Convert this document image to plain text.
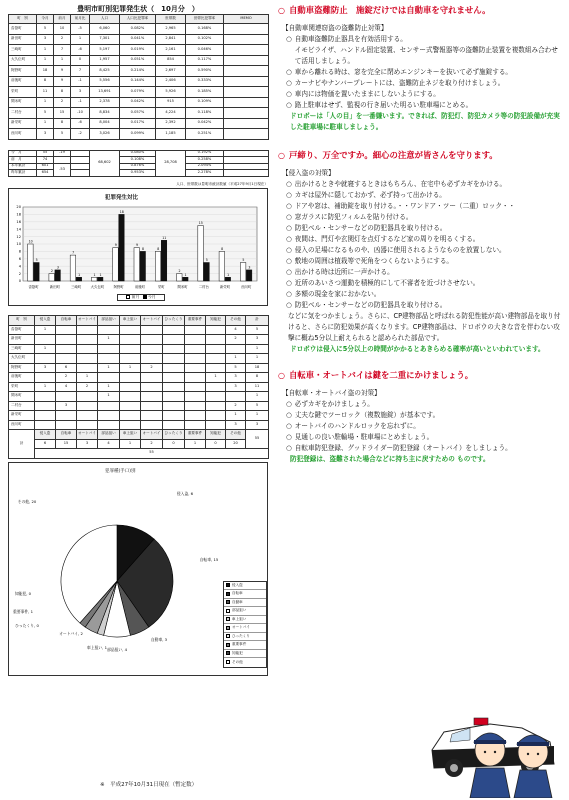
豊明市町別犯罪発生状（　10月分　）
町　別	今月	前月	前月比	人口	人口比犯罪率	世帯数	世帯比犯罪率	MEMO
沓掛町	5	10	-5	6,060	0.082%	2,965	0.168%	
新田町	3	2	1	7,301	0.041%	2,841	0.102%	
三崎町	1	7	-6	5,197	0.019%	2,161	0.046%	
大久伝町	1	1	0	1,957	0.051%	854	0.117%	
阿野町	18	9	7	8,425	0.214%	2,697	0.590%	
前後町	8	9	-1	5,556	0.144%	2,406	0.333%	
栄町	11	8	3	13,691	0.079%	5,926	0.185%	
間米町	1	2	-1	2,378	0.042%	915	0.109%	
二村台	5	15	-10	8,834	0.057%	4,224	0.118%	
新栄町	1	8	-6	8,004	0.017%	2,392	0.042%	
西川町	3	5	-2	3,026	0.099%	1,185	0.251%	
今　月	55	-19		68,602	0.080%	28,708	0.192%	
前　月	74				0.108%		0.258%	
本年累計	601	-53			0.876%		2.094%	
昨年累計	654				0.953%		2.278%	
人口、世帯数は豊明市統計数値（平成27年9月1日現在）
犯罪発生対比
0
2
4
6
8
10
12
14
16
18
20
10
5
沓掛町
2
3
新田町
7
1
三崎町
1 1
大久伝町
9
18
阿野町
9
8
前後町
8
11
栄町
2
1
間米町
15
5
二村台
8
1
新栄町
5
3
西川町
前月	今月
町　別	侵入盗	自転車	オートバイ	部品狙い	車上狙い	オートバイ	ひったくり	重要事件	知能犯	その他	計
沓掛町	1									4	5
新田町				1						2	3
三崎町	1										1
大久伝町										1	1
阿野町	3	6		1	1	2				5	18
前後町		2	1						1	3	8
栄町	1	4	2	1						3	11
間米町				1							1
二村台		3								2	5
新栄町										1	1
西川町										3	3
計	侵入盗	自転車	オートバイ	部品狙い	車上狙い	オートバイ	ひったくり	重要事件	知能犯	その他	55
	6	15	3	4	1	2	0	1	0	20	
	55										
犯罪種(手口)別
侵入盗, 6
自転車, 15
自動車, 3
部品狙い, 4
車上狙い, 1
オートバイ, 2
ひったくり, 0
重要事件, 1
知能犯, 0
その他, 20
侵入盗
自転車
自動車
部品狙い
車上狙い
オートバイ
ひったくり
重要事件
知能犯
その他
※　平成27年10月31日現在（暫定数）
○ 自動車盗難防止　施錠だけでは自動車を守れません。
【自動車関連窃盗の盗難防止対策】
○ 自動車盗難防止器具を有効活用する。
イモビライザ、ハンドル固定装置、センサー式警報器等の盗難防止装置を複数組み合わせて活用しましょう。
○ 車から離れる時は、窓を完全に閉めエンジンキーを抜いて必ず施錠する。
○ カーナビやナンバープレートには、盗難防止ネジを取り付けましょう。
○ 車内には物価を置いたままにしないようにする。
○ 路上駐車はせず、監視の行き届いた明るい駐車場にとめる。
ドロボーは「人の目」を一番嫌います。できれば、防犯灯、防犯カメラ等の防犯設備が充実した駐車場に駐車しましょう。
○ 戸締り、万全ですか。細心の注意が皆さんを守ります。
【侵入盗の対策】
○ 出かけるときや就寝するときはもちろん、在宅中も必ずカギをかける。
○ カギは屋外に隠しておかず、必ず持って出かける。
○ ドアや窓は、補助錠を取り付ける。・・ワンドア・ツー（二重）ロック・・
○ 窓ガラスに防犯フィルムを貼り付ける。
○ 防犯ベル・センサーなどの防犯器具を取り付ける。
○ 夜間は、門灯や玄関灯を点灯するなど家の周りを明るくする。
○ 侵入の足場になるものや、凶器に使用されるようなものを放置しない。
○ 敷地の周囲は植栽等で死角をつくらないようにする。
○ 出かける時は近所に一声かける。
○ 近所のあいさつ運動を積極的にして不審者を近づけさせない。
○ 多額の現金を家におかない。
○ 防犯ベル・センサーなどの防犯器具を取り付ける。
などに気をつかましょう。さらに、CP建物部品と呼ばれる防犯性能が高い建物部品を取り付けると、さらに防犯効果が高くなります。CP建物部品は、ドロボウの大きな音を伴わない攻撃に概ね5分以上耐えられると認められた部品です。
ドロボウは侵入に5分以上の時間がかかるとあきらめる確率が高いといわれています。
○ 自転車・オートバイは鍵を二重にかけましょう。
【自転車・オートバイ盗の対策】
○ 必ずカギをかけましょう。
○ 丈夫な鍵でツーロック（複数施錠）が基本です。
○ オートバイのハンドルロックを忘れずに。
○ 見通しの良い駐輪場・駐車場にとめましょう。
○ 自転車防犯登録、グッドライダー防犯登録（オートバイ）をしましょう。
防犯登録は、盗難された場合などに持ち主に戻すための ものです。
